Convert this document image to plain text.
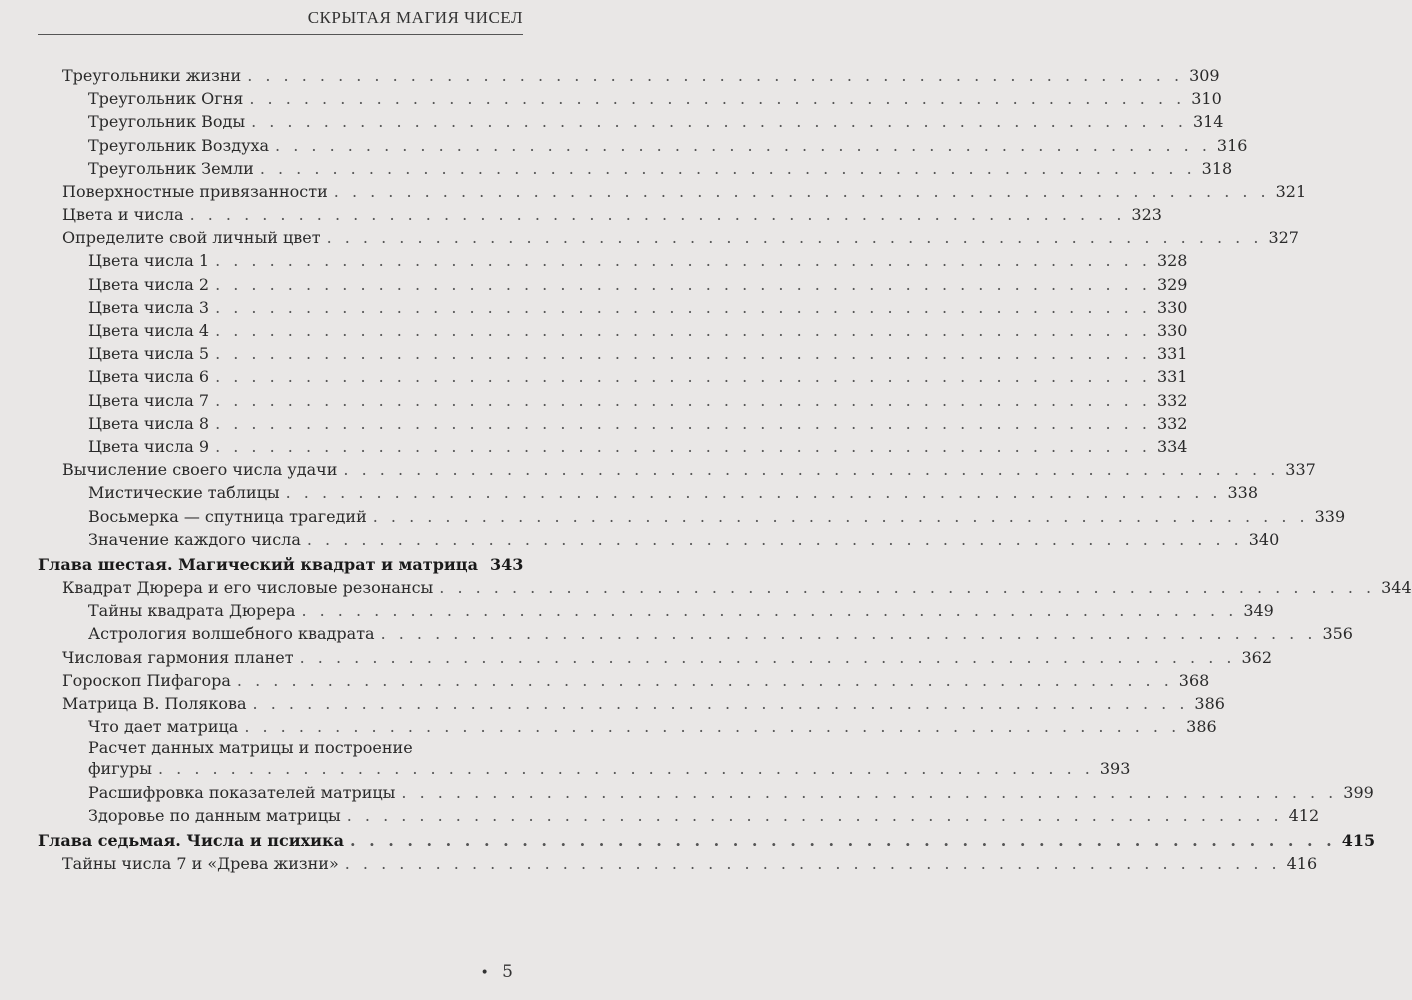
СКРЫТАЯ МАГИЯ ЧИСЕЛ
Треугольники жизни . . . . . . . . . . . . . . . . . . . . . . . . . . . . . . . . . . . . . . . . . . . . . . . . . . . . 309
Треугольник Огня . . . . . . . . . . . . . . . . . . . . . . . . . . . . . . . . . . . . . . . . . . . . . . . . . . . . 310
Треугольник Воды . . . . . . . . . . . . . . . . . . . . . . . . . . . . . . . . . . . . . . . . . . . . . . . . . . . . 314
Треугольник Воздуха . . . . . . . . . . . . . . . . . . . . . . . . . . . . . . . . . . . . . . . . . . . . . . . . . . . . 316
Треугольник Земли . . . . . . . . . . . . . . . . . . . . . . . . . . . . . . . . . . . . . . . . . . . . . . . . . . . . 318
Поверхностные привязанности . . . . . . . . . . . . . . . . . . . . . . . . . . . . . . . . . . . . . . . . . . . . . . . . . . . . 321
Цвета и числа . . . . . . . . . . . . . . . . . . . . . . . . . . . . . . . . . . . . . . . . . . . . . . . . . . . . 323
Определите свой личный цвет . . . . . . . . . . . . . . . . . . . . . . . . . . . . . . . . . . . . . . . . . . . . . . . . . . . . 327
Цвета числа 1 . . . . . . . . . . . . . . . . . . . . . . . . . . . . . . . . . . . . . . . . . . . . . . . . . . . . 328
Цвета числа 2 . . . . . . . . . . . . . . . . . . . . . . . . . . . . . . . . . . . . . . . . . . . . . . . . . . . . 329
Цвета числа 3 . . . . . . . . . . . . . . . . . . . . . . . . . . . . . . . . . . . . . . . . . . . . . . . . . . . . 330
Цвета числа 4 . . . . . . . . . . . . . . . . . . . . . . . . . . . . . . . . . . . . . . . . . . . . . . . . . . . . 330
Цвета числа 5 . . . . . . . . . . . . . . . . . . . . . . . . . . . . . . . . . . . . . . . . . . . . . . . . . . . . 331
Цвета числа 6 . . . . . . . . . . . . . . . . . . . . . . . . . . . . . . . . . . . . . . . . . . . . . . . . . . . . 331
Цвета числа 7 . . . . . . . . . . . . . . . . . . . . . . . . . . . . . . . . . . . . . . . . . . . . . . . . . . . . 332
Цвета числа 8 . . . . . . . . . . . . . . . . . . . . . . . . . . . . . . . . . . . . . . . . . . . . . . . . . . . . 332
Цвета числа 9 . . . . . . . . . . . . . . . . . . . . . . . . . . . . . . . . . . . . . . . . . . . . . . . . . . . . 334
Вычисление своего числа удачи . . . . . . . . . . . . . . . . . . . . . . . . . . . . . . . . . . . . . . . . . . . . . . . . . . . . 337
Мистические таблицы . . . . . . . . . . . . . . . . . . . . . . . . . . . . . . . . . . . . . . . . . . . . . . . . . . . . 338
Восьмерка — спутница трагедий . . . . . . . . . . . . . . . . . . . . . . . . . . . . . . . . . . . . . . . . . . . . . . . . . . . . 339
Значение каждого числа . . . . . . . . . . . . . . . . . . . . . . . . . . . . . . . . . . . . . . . . . . . . . . . . . . . . 340
Глава шестая. Магический квадрат и матрица 343
Квадрат Дюрера и его числовые резонансы . . . . . . . . . . . . . . . . . . . . . . . . . . . . . . . . . . . . . . . . . . . . . . . . . . . . 344
Тайны квадрата Дюрера . . . . . . . . . . . . . . . . . . . . . . . . . . . . . . . . . . . . . . . . . . . . . . . . . . . . 349
Астрология волшебного квадрата . . . . . . . . . . . . . . . . . . . . . . . . . . . . . . . . . . . . . . . . . . . . . . . . . . . . 356
Числовая гармония планет . . . . . . . . . . . . . . . . . . . . . . . . . . . . . . . . . . . . . . . . . . . . . . . . . . . . 362
Гороскоп Пифагора . . . . . . . . . . . . . . . . . . . . . . . . . . . . . . . . . . . . . . . . . . . . . . . . . . . . 368
Матрица В. Полякова . . . . . . . . . . . . . . . . . . . . . . . . . . . . . . . . . . . . . . . . . . . . . . . . . . . . 386
Что дает матрица . . . . . . . . . . . . . . . . . . . . . . . . . . . . . . . . . . . . . . . . . . . . . . . . . . . . 386
Расчет данных матрицы и построение
фигуры . . . . . . . . . . . . . . . . . . . . . . . . . . . . . . . . . . . . . . . . . . . . . . . . . . . . 393
Расшифровка показателей матрицы . . . . . . . . . . . . . . . . . . . . . . . . . . . . . . . . . . . . . . . . . . . . . . . . . . . . 399
Здоровье по данным матрицы . . . . . . . . . . . . . . . . . . . . . . . . . . . . . . . . . . . . . . . . . . . . . . . . . . . . 412
Глава седьмая. Числа и психика . . . . . . . . . . . . . . . . . . . . . . . . . . . . . . . . . . . . . . . . . . . . . . . . . . . . 415
Тайны числа 7 и «Древа жизни» . . . . . . . . . . . . . . . . . . . . . . . . . . . . . . . . . . . . . . . . . . . . . . . . . . . . 416
• 5
